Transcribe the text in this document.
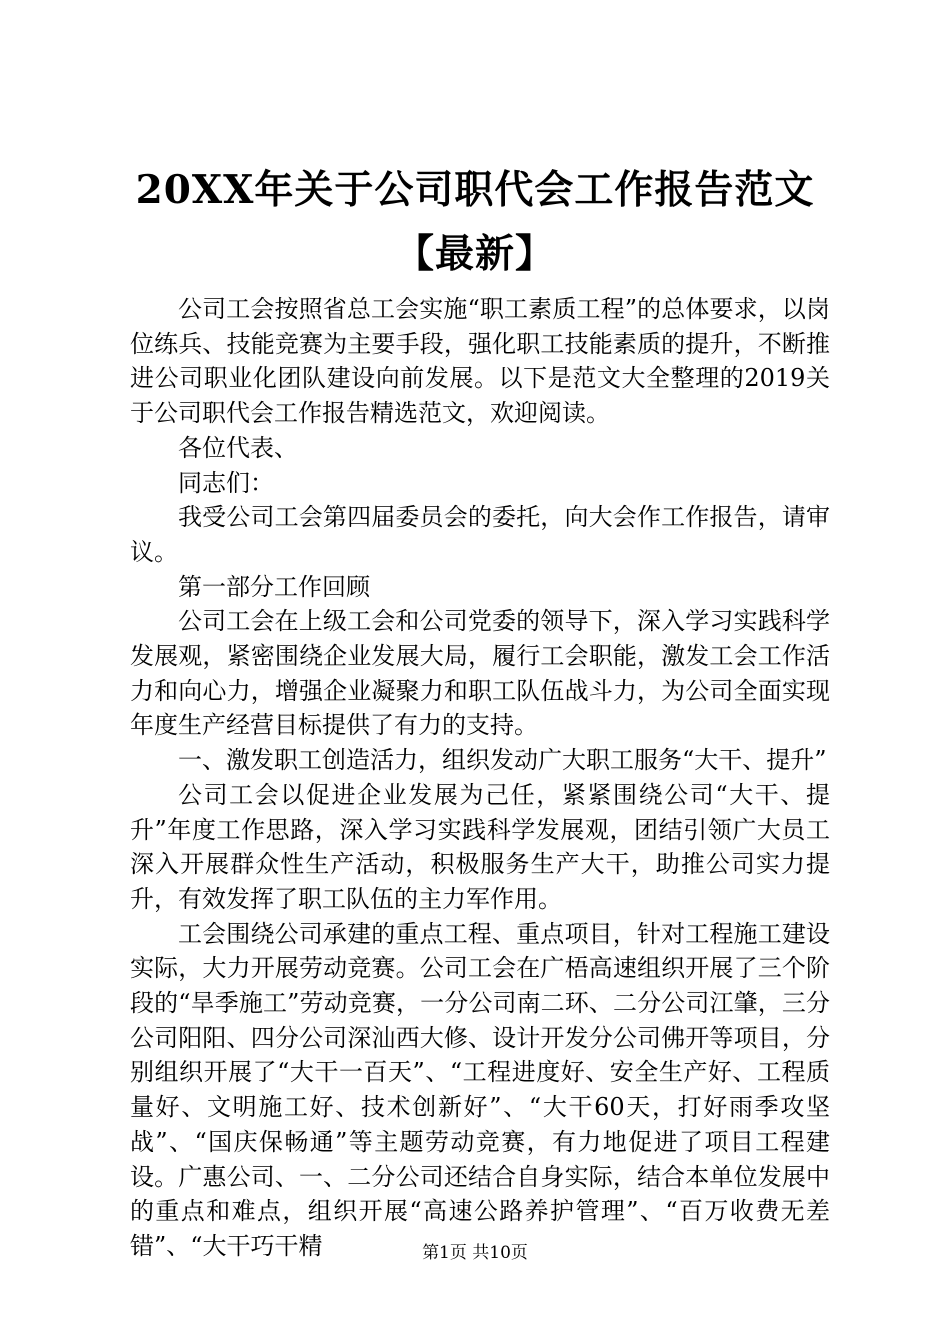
20XX年关于公司职代会工作报告范文【最新】

公司工会按照省总工会实施“职工素质工程”的总体要求，以岗位练兵、技能竞赛为主要手段，强化职工技能素质的提升，不断推进公司职业化团队建设向前发展。以下是范文大全整理的2019关于公司职代会工作报告精选范文，欢迎阅读。

各位代表、

同志们：

我受公司工会第四届委员会的委托，向大会作工作报告，请审议。

第一部分工作回顾

公司工会在上级工会和公司党委的领导下，深入学习实践科学发展观，紧密围绕企业发展大局，履行工会职能，激发工会工作活力和向心力，增强企业凝聚力和职工队伍战斗力，为公司全面实现年度生产经营目标提供了有力的支持。

一、激发职工创造活力，组织发动广大职工服务“大干、提升”

公司工会以促进企业发展为己任，紧紧围绕公司“大干、提升”年度工作思路，深入学习实践科学发展观，团结引领广大员工深入开展群众性生产活动，积极服务生产大干，助推公司实力提升，有效发挥了职工队伍的主力军作用。

工会围绕公司承建的重点工程、重点项目，针对工程施工建设实际，大力开展劳动竞赛。公司工会在广梧高速组织开展了三个阶段的“旱季施工”劳动竞赛，一分公司南二环、二分公司江肇，三分公司阳阳、四分公司深汕西大修、设计开发分公司佛开等项目，分别组织开展了“大干一百天”、“工程进度好、安全生产好、工程质量好、文明施工好、技术创新好”、“大干60天，打好雨季攻坚战”、“国庆保畅通”等主题劳动竞赛，有力地促进了项目工程建设。广惠公司、一、二分公司还结合自身实际，结合本单位发展中的重点和难点，组织开展“高速公路养护管理”、“百万收费无差错”、“大干巧干精	第1页 共10页
